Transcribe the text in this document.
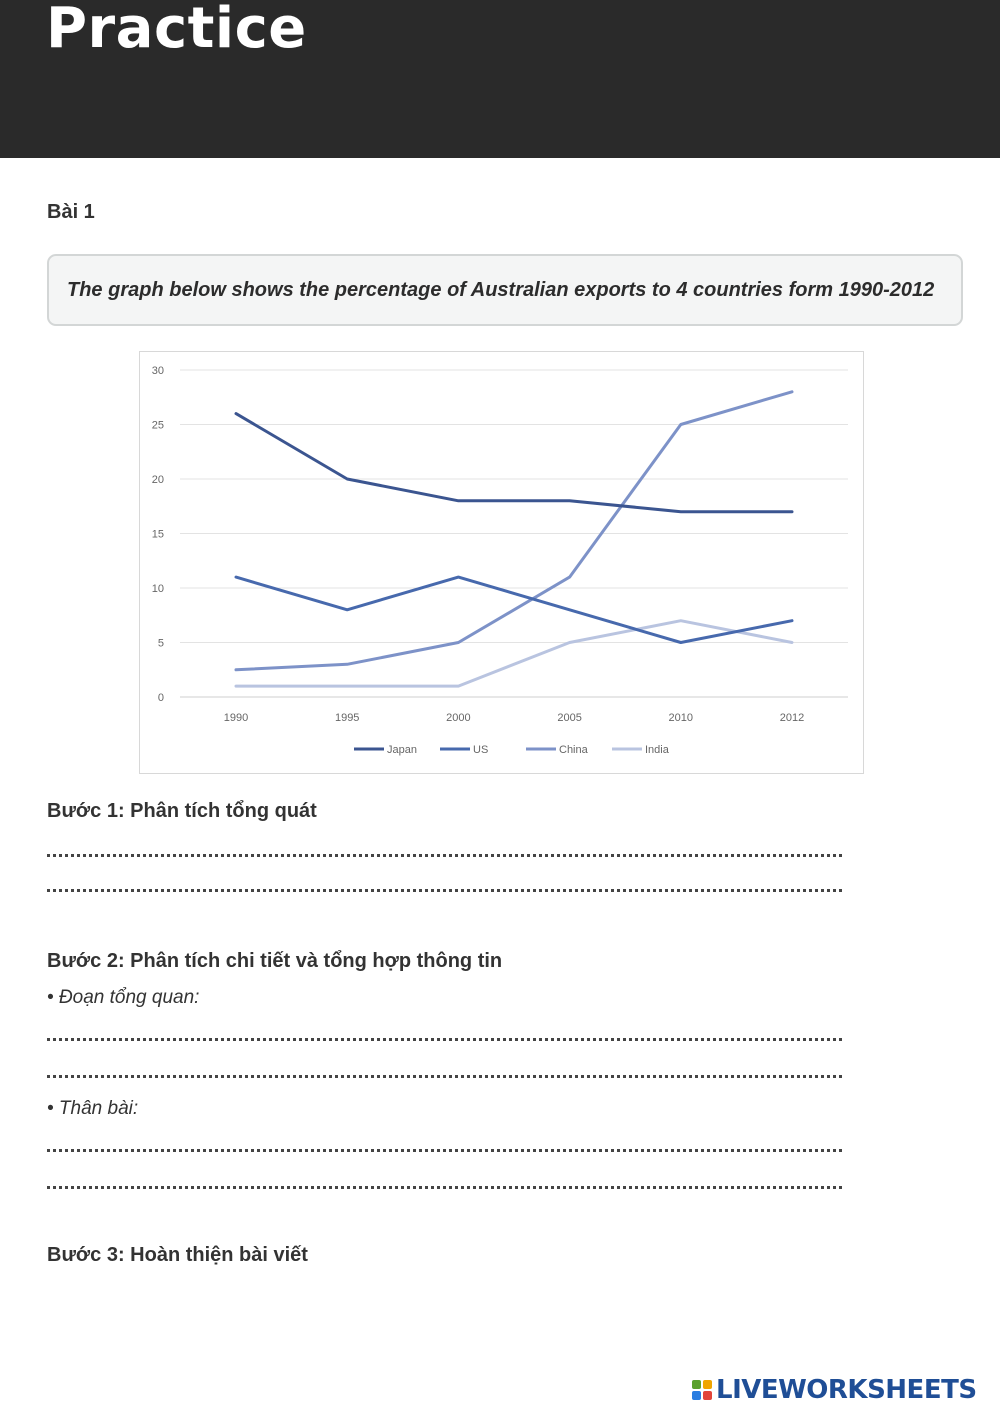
Practice
Bài 1
The graph below shows the percentage of Australian exports to 4 countries form 1990-2012
0
5
10
15
20
25
30
1990	1995	2000	2005	2010	2012
Japan	US	China	India
Bước 1: Phân tích tổng quát
Bước 2: Phân tích chi tiết và tổng hợp thông tin
• Đoạn tổng quan:
• Thân bài:
Bước 3: Hoàn thiện bài viết
LIVEWORKSHEETS
